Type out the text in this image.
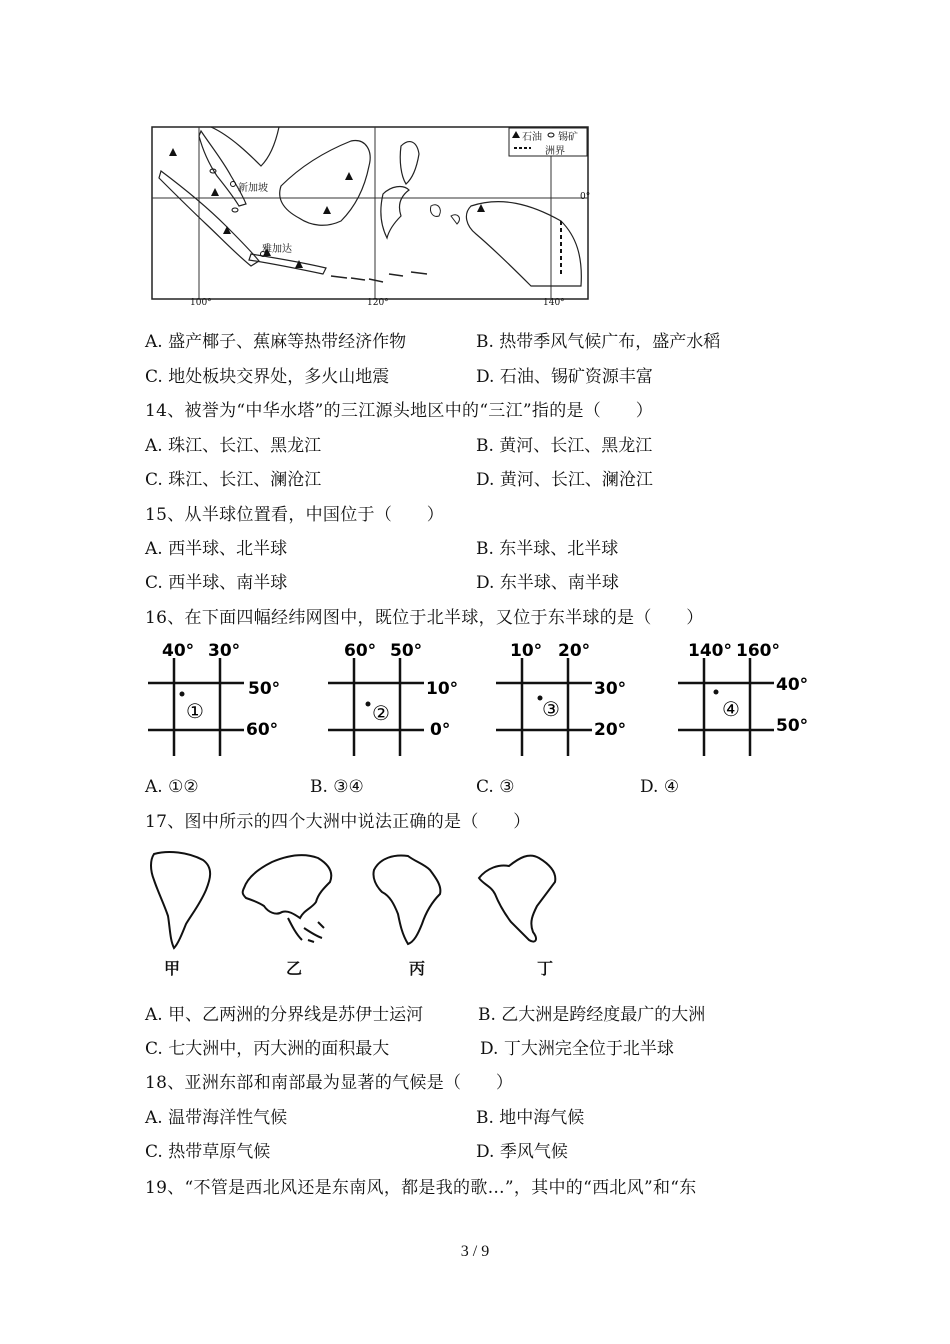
石油 锡矿
洲界
新加坡
雅加达
0°
100°	120°	140°
A. 盛产椰子、蕉麻等热带经济作物	B. 热带季风气候广布，盛产水稻
C. 地处板块交界处，多火山地震	D. 石油、锡矿资源丰富
14、被誉为“中华水塔”的三江源头地区中的“三江”指的是（　　）
A. 珠江、长江、黑龙江	B. 黄河、长江、黑龙江
C. 珠江、长江、澜沧江	D. 黄河、长江、澜沧江
15、从半球位置看，中国位于（　　）
A. 西半球、北半球	B. 东半球、北半球
C. 西半球、南半球	D. 东半球、南半球
16、在下面四幅经纬网图中，既位于北半球，又位于东半球的是（　　）
40° 30°
50°
60°
①
60° 50°
10°
0°
②
10° 20°
30°
20°
③
140° 160°
40°
50°
④
A. ①②	B. ③④	C. ③	D. ④
17、图中所示的四个大洲中说法正确的是（　　）
甲	乙	丙	丁
A. 甲、乙两洲的分界线是苏伊士运河	B. 乙大洲是跨经度最广的大洲
C. 七大洲中，丙大洲的面积最大	D. 丁大洲完全位于北半球
18、亚洲东部和南部最为显著的气候是（　　）
A. 温带海洋性气候	B. 地中海气候
C. 热带草原气候	D. 季风气候
19、“不管是西北风还是东南风，都是我的歌…”，其中的“西北风”和“东
3 / 9
